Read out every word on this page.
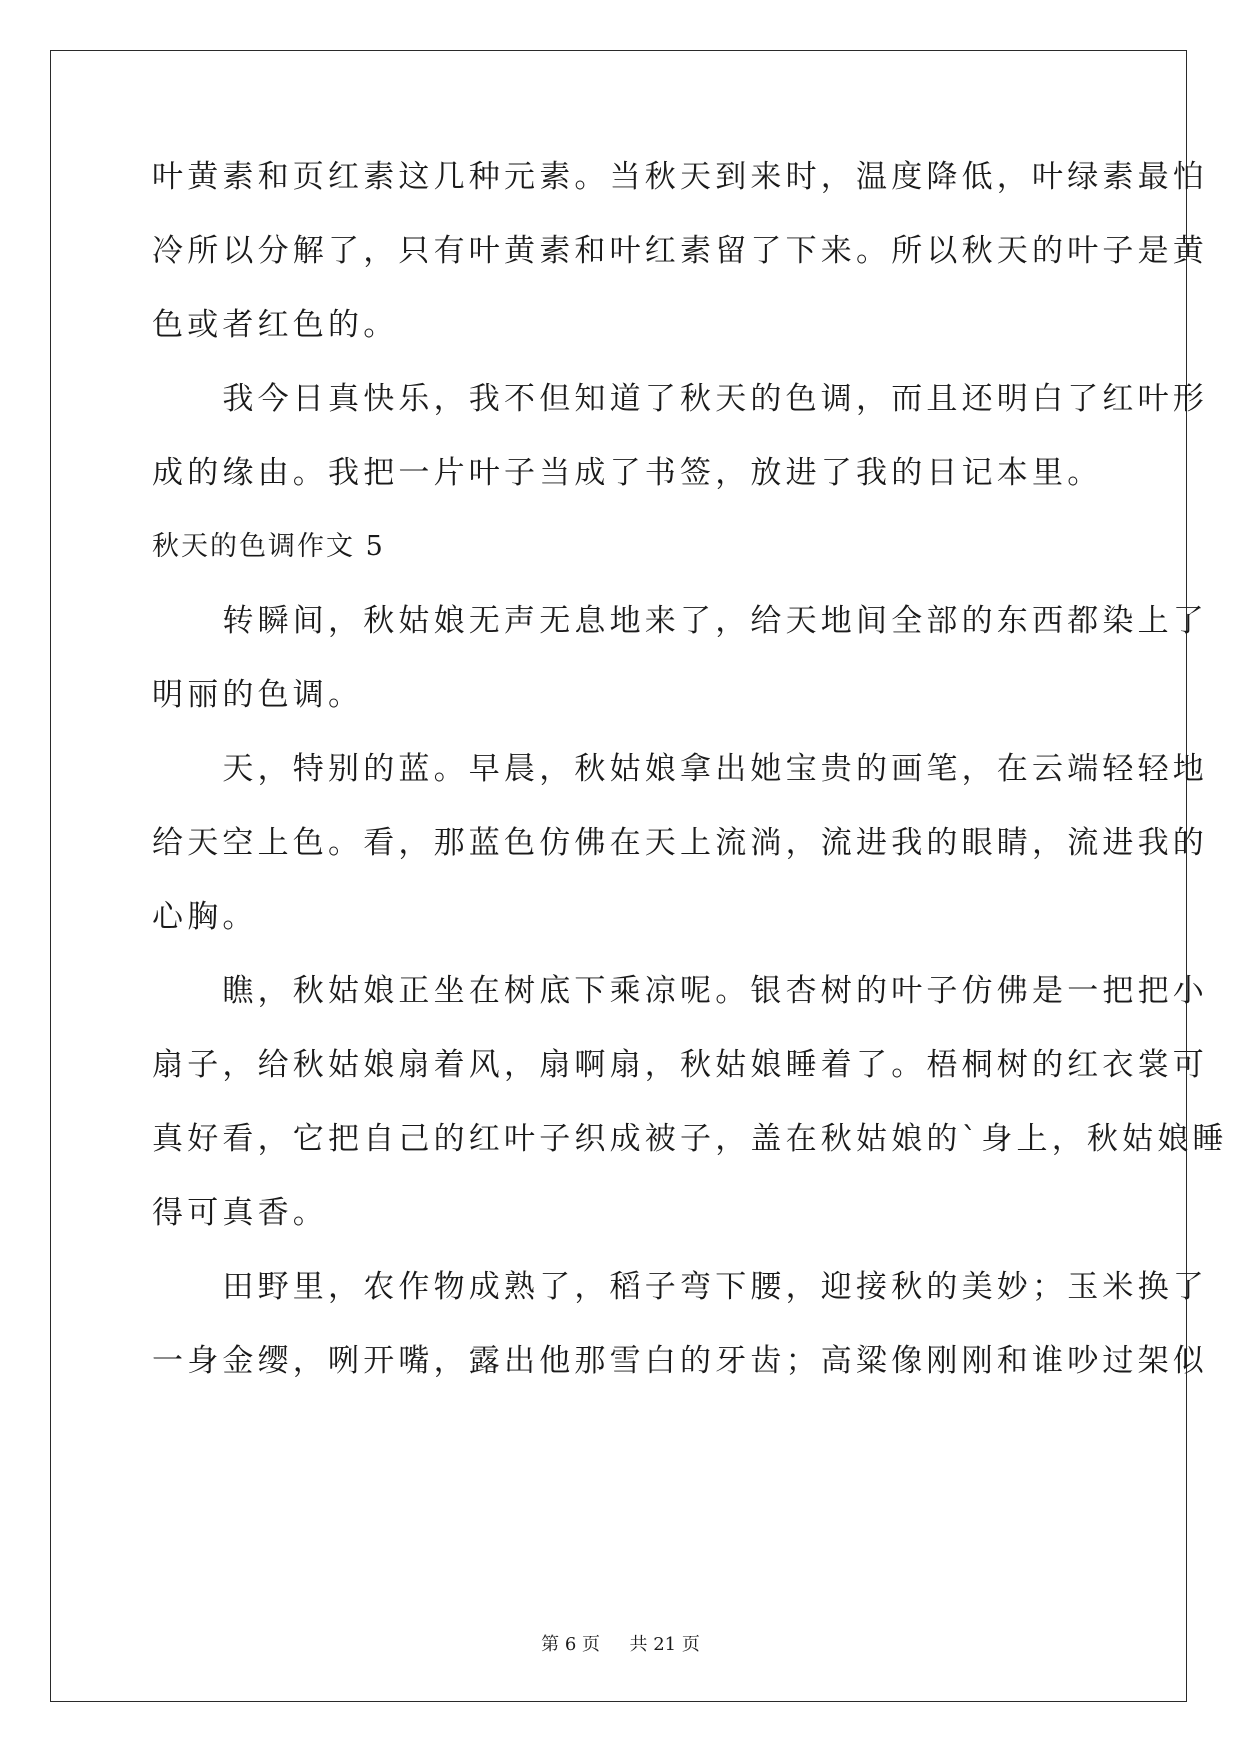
叶黄素和页红素这几种元素。当秋天到来时，温度降低，叶绿素最怕
冷所以分解了，只有叶黄素和叶红素留了下来。所以秋天的叶子是黄
色或者红色的。
　　我今日真快乐，我不但知道了秋天的色调，而且还明白了红叶形
成的缘由。我把一片叶子当成了书签，放进了我的日记本里。
秋天的色调作文 5
　　转瞬间，秋姑娘无声无息地来了，给天地间全部的东西都染上了
明丽的色调。
　　天，特别的蓝。早晨，秋姑娘拿出她宝贵的画笔，在云端轻轻地
给天空上色。看，那蓝色仿佛在天上流淌，流进我的眼睛，流进我的
心胸。
　　瞧，秋姑娘正坐在树底下乘凉呢。银杏树的叶子仿佛是一把把小
扇子，给秋姑娘扇着风，扇啊扇，秋姑娘睡着了。梧桐树的红衣裳可
真好看，它把自己的红叶子织成被子，盖在秋姑娘的`身上，秋姑娘睡
得可真香。
　　田野里，农作物成熟了，稻子弯下腰，迎接秋的美妙；玉米换了
一身金缨，咧开嘴，露出他那雪白的牙齿；高粱像刚刚和谁吵过架似
第 6 页 共 21 页
